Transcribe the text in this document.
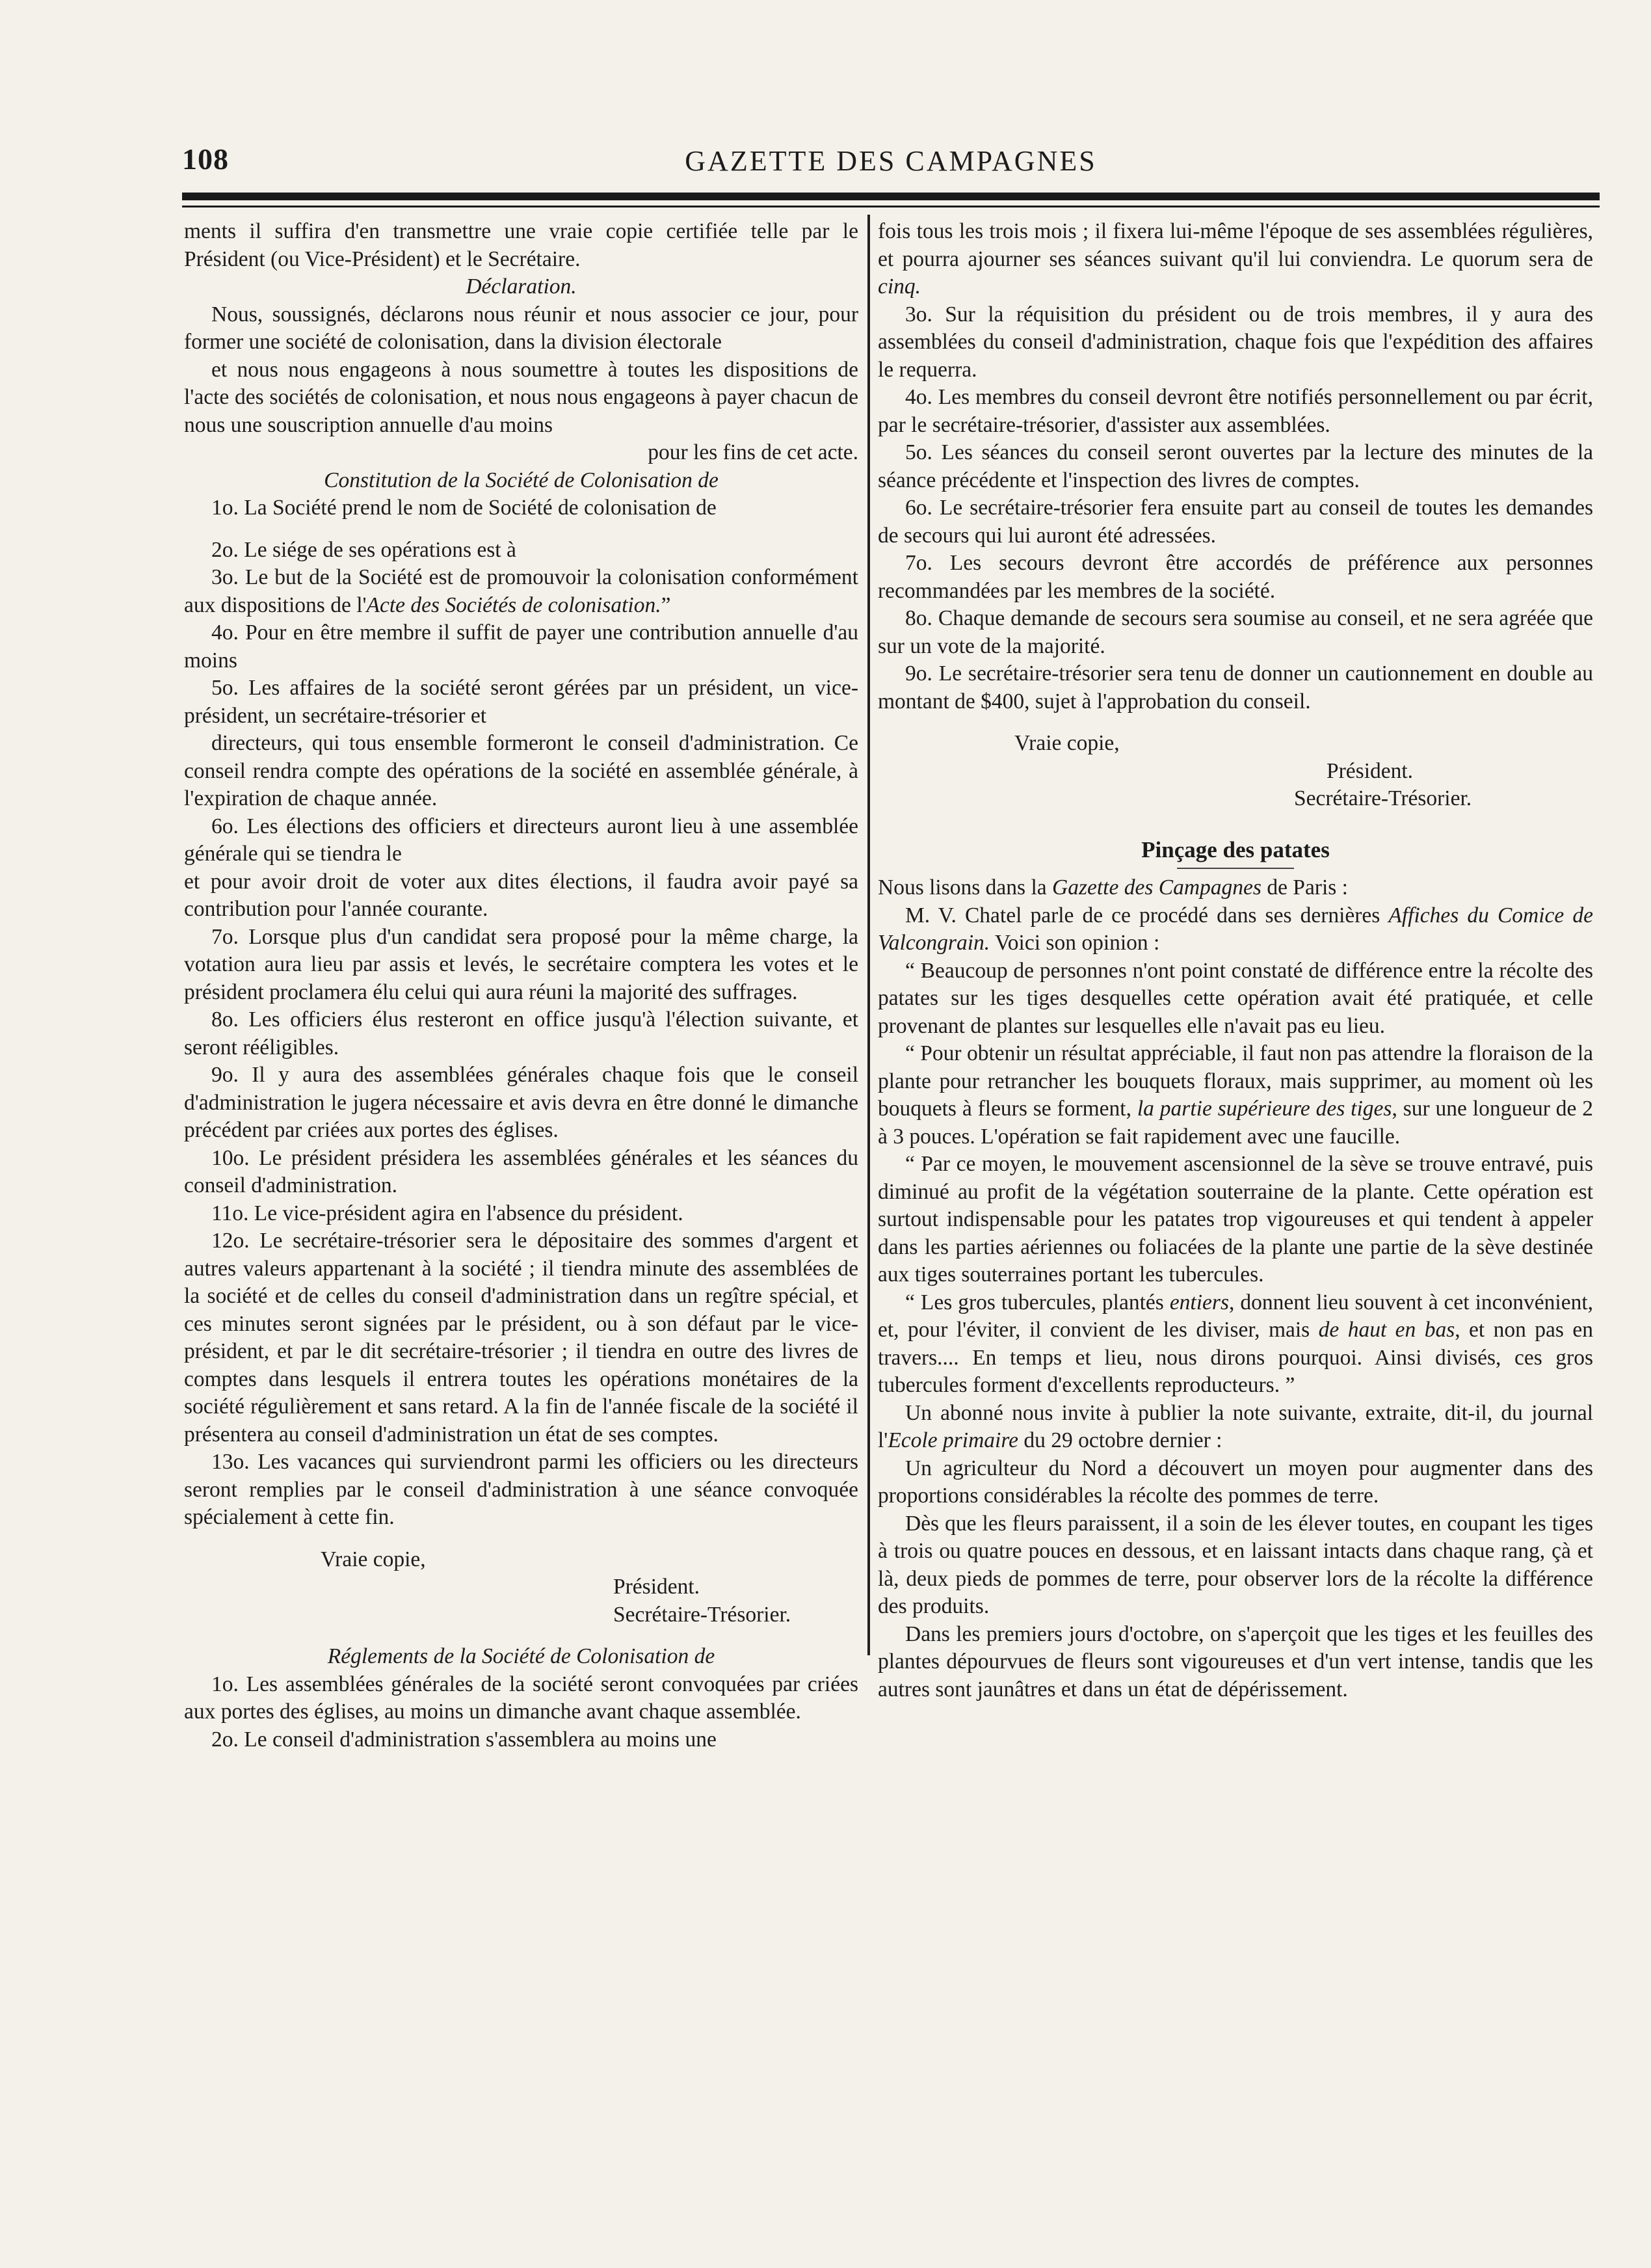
108	GAZETTE DES CAMPAGNES

ments il suffira d'en transmettre une vraie copie certifiée telle par le Président (ou Vice-Président) et le Secrétaire.

Déclaration.

Nous, soussignés, déclarons nous réunir et nous associer ce jour, pour former une société de colonisation, dans la division électorale

et nous nous engageons à nous soumettre à toutes les dispositions de l'acte des sociétés de colonisation, et nous nous engageons à payer chacun de nous une souscription annuelle d'au moins

pour les fins de cet acte.

Constitution de la Société de Colonisation de

1o. La Société prend le nom de Société de colonisation de

2o. Le siége de ses opérations est à

3o. Le but de la Société est de promouvoir la colonisation conformément aux dispositions de l'Acte des Sociétés de colonisation.”

4o. Pour en être membre il suffit de payer une contribution annuelle d'au moins

5o. Les affaires de la société seront gérées par un président, un vice-président, un secrétaire-trésorier et

directeurs, qui tous ensemble formeront le conseil d'administration. Ce conseil rendra compte des opérations de la société en assemblée générale, à l'expiration de chaque année.

6o. Les élections des officiers et directeurs auront lieu à une assemblée générale qui se tiendra le

et pour avoir droit de voter aux dites élections, il faudra avoir payé sa contribution pour l'année courante.

7o. Lorsque plus d'un candidat sera proposé pour la même charge, la votation aura lieu par assis et levés, le secrétaire comptera les votes et le président proclamera élu celui qui aura réuni la majorité des suffrages.

8o. Les officiers élus resteront en office jusqu'à l'élection suivante, et seront rééligibles.

9o. Il y aura des assemblées générales chaque fois que le conseil d'administration le jugera nécessaire et avis devra en être donné le dimanche précédent par criées aux portes des églises.

10o. Le président présidera les assemblées générales et les séances du conseil d'administration.

11o. Le vice-président agira en l'absence du président.

12o. Le secrétaire-trésorier sera le dépositaire des sommes d'argent et autres valeurs appartenant à la société ; il tiendra minute des assemblées de la société et de celles du conseil d'administration dans un regître spécial, et ces minutes seront signées par le président, ou à son défaut par le vice-président, et par le dit secrétaire-trésorier ; il tiendra en outre des livres de comptes dans lesquels il entrera toutes les opérations monétaires de la société régulièrement et sans retard. A la fin de l'année fiscale de la société il présentera au conseil d'administration un état de ses comptes.

13o. Les vacances qui surviendront parmi les officiers ou les directeurs seront remplies par le conseil d'administration à une séance convoquée spécialement à cette fin.

Vraie copie,

Président.

Secrétaire-Trésorier.

Réglements de la Société de Colonisation de

1o. Les assemblées générales de la société seront convoquées par criées aux portes des églises, au moins un dimanche avant chaque assemblée.

2o. Le conseil d'administration s'assemblera au moins une

fois tous les trois mois ; il fixera lui-même l'époque de ses assemblées régulières, et pourra ajourner ses séances suivant qu'il lui conviendra. Le quorum sera de cinq.

3o. Sur la réquisition du président ou de trois membres, il y aura des assemblées du conseil d'administration, chaque fois que l'expédition des affaires le requerra.

4o. Les membres du conseil devront être notifiés personnellement ou par écrit, par le secrétaire-trésorier, d'assister aux assemblées.

5o. Les séances du conseil seront ouvertes par la lecture des minutes de la séance précédente et l'inspection des livres de comptes.

6o. Le secrétaire-trésorier fera ensuite part au conseil de toutes les demandes de secours qui lui auront été adressées.

7o. Les secours devront être accordés de préférence aux personnes recommandées par les membres de la société.

8o. Chaque demande de secours sera soumise au conseil, et ne sera agréée que sur un vote de la majorité.

9o. Le secrétaire-trésorier sera tenu de donner un cautionnement en double au montant de $400, sujet à l'approbation du conseil.

Vraie copie,

Président.

Secrétaire-Trésorier.

Pinçage des patates

Nous lisons dans la Gazette des Campagnes de Paris :

M. V. Chatel parle de ce procédé dans ses dernières Affiches du Comice de Valcongrain. Voici son opinion :

“ Beaucoup de personnes n'ont point constaté de différence entre la récolte des patates sur les tiges desquelles cette opération avait été pratiquée, et celle provenant de plantes sur lesquelles elle n'avait pas eu lieu.

“ Pour obtenir un résultat appréciable, il faut non pas attendre la floraison de la plante pour retrancher les bouquets floraux, mais supprimer, au moment où les bouquets à fleurs se forment, la partie supérieure des tiges, sur une longueur de 2 à 3 pouces. L'opération se fait rapidement avec une faucille.

“ Par ce moyen, le mouvement ascensionnel de la sève se trouve entravé, puis diminué au profit de la végétation souterraine de la plante. Cette opération est surtout indispensable pour les patates trop vigoureuses et qui tendent à appeler dans les parties aériennes ou foliacées de la plante une partie de la sève destinée aux tiges souterraines portant les tubercules.

“ Les gros tubercules, plantés entiers, donnent lieu souvent à cet inconvénient, et, pour l'éviter, il convient de les diviser, mais de haut en bas, et non pas en travers.... En temps et lieu, nous dirons pourquoi. Ainsi divisés, ces gros tubercules forment d'excellents reproducteurs. ”

Un abonné nous invite à publier la note suivante, extraite, dit-il, du journal l'Ecole primaire du 29 octobre dernier :

Un agriculteur du Nord a découvert un moyen pour augmenter dans des proportions considérables la récolte des pommes de terre.

Dès que les fleurs paraissent, il a soin de les élever toutes, en coupant les tiges à trois ou quatre pouces en dessous, et en laissant intacts dans chaque rang, çà et là, deux pieds de pommes de terre, pour observer lors de la récolte la différence des produits.

Dans les premiers jours d'octobre, on s'aperçoit que les tiges et les feuilles des plantes dépourvues de fleurs sont vigoureuses et d'un vert intense, tandis que les autres sont jaunâtres et dans un état de dépérissement.
